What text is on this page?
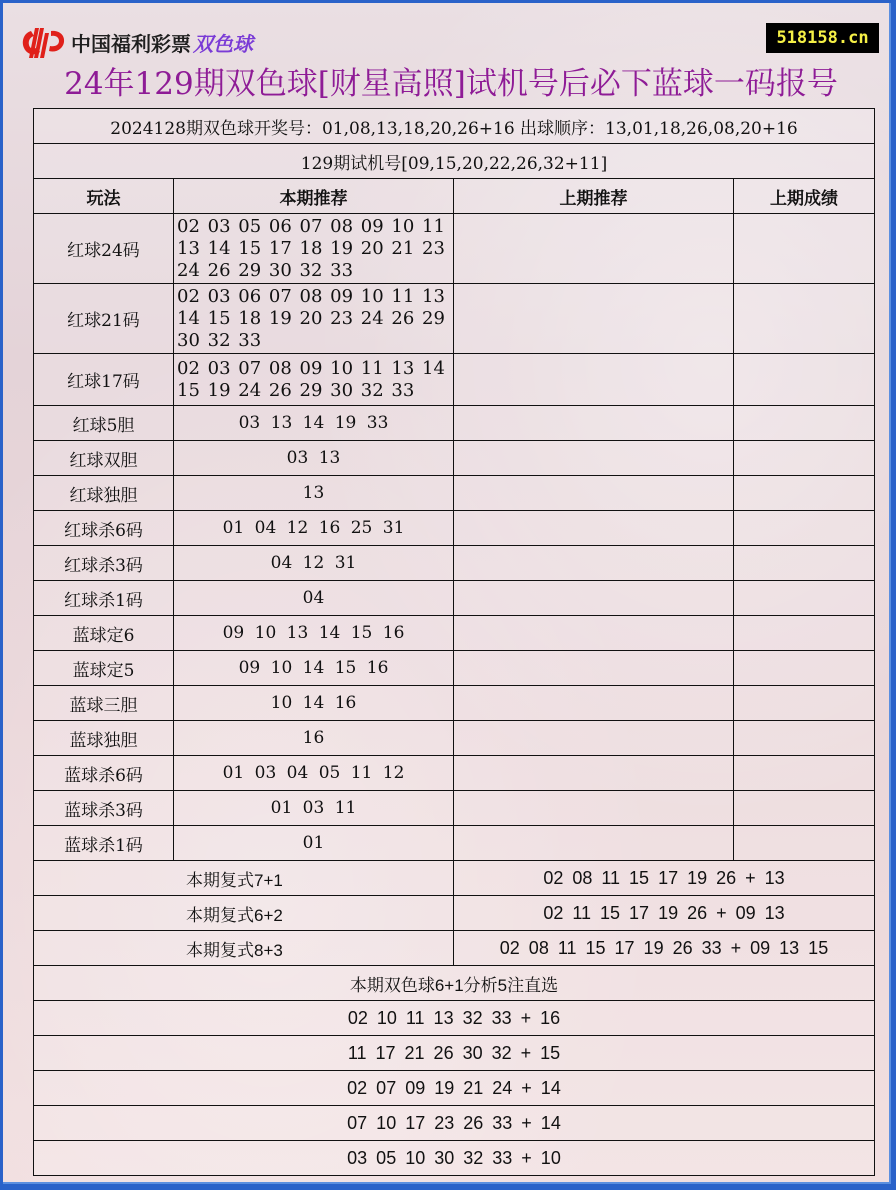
中国福利彩票 双色球	518158.cn
24年129期双色球[财星高照]试机号后必下蓝球一码报号
2024128期双色球开奖号：01,08,13,18,20,26+16 出球顺序：13,01,18,26,08,20+16			
129期试机号[09,15,20,22,26,32+11]			
玩法	本期推荐	上期推荐	上期成绩
红球24码	02 03 05 06 07 08 09 10 11 13 14 15 17 18 19 20 21 23 24 26 29 30 32 33		
红球21码	02 03 06 07 08 09 10 11 13 14 15 18 19 20 23 24 26 29 30 32 33		
红球17码	02 03 07 08 09 10 11 13 14 15 19 24 26 29 30 32 33		
红球5胆	03 13 14 19 33		
红球双胆	03 13		
红球独胆	13		
红球杀6码	01 04 12 16 25 31		
红球杀3码	04 12 31		
红球杀1码	04		
蓝球定6	09 10 13 14 15 16		
蓝球定5	09 10 14 15 16		
蓝球三胆	10 14 16		
蓝球独胆	16		
蓝球杀6码	01 03 04 05 11 12		
蓝球杀3码	01 03 11		
蓝球杀1码	01		
本期复式7+1		02 08 11 15 17 19 26 + 13	
本期复式6+2		02 11 15 17 19 26 + 09 13	
本期复式8+3		02 08 11 15 17 19 26 33 + 09 13 15	
本期双色球6+1分析5注直选			
02 10 11 13 32 33 + 16			
11 17 21 26 30 32 + 15			
02 07 09 19 21 24 + 14			
07 10 17 23 26 33 + 14			
03 05 10 30 32 33 + 10			
